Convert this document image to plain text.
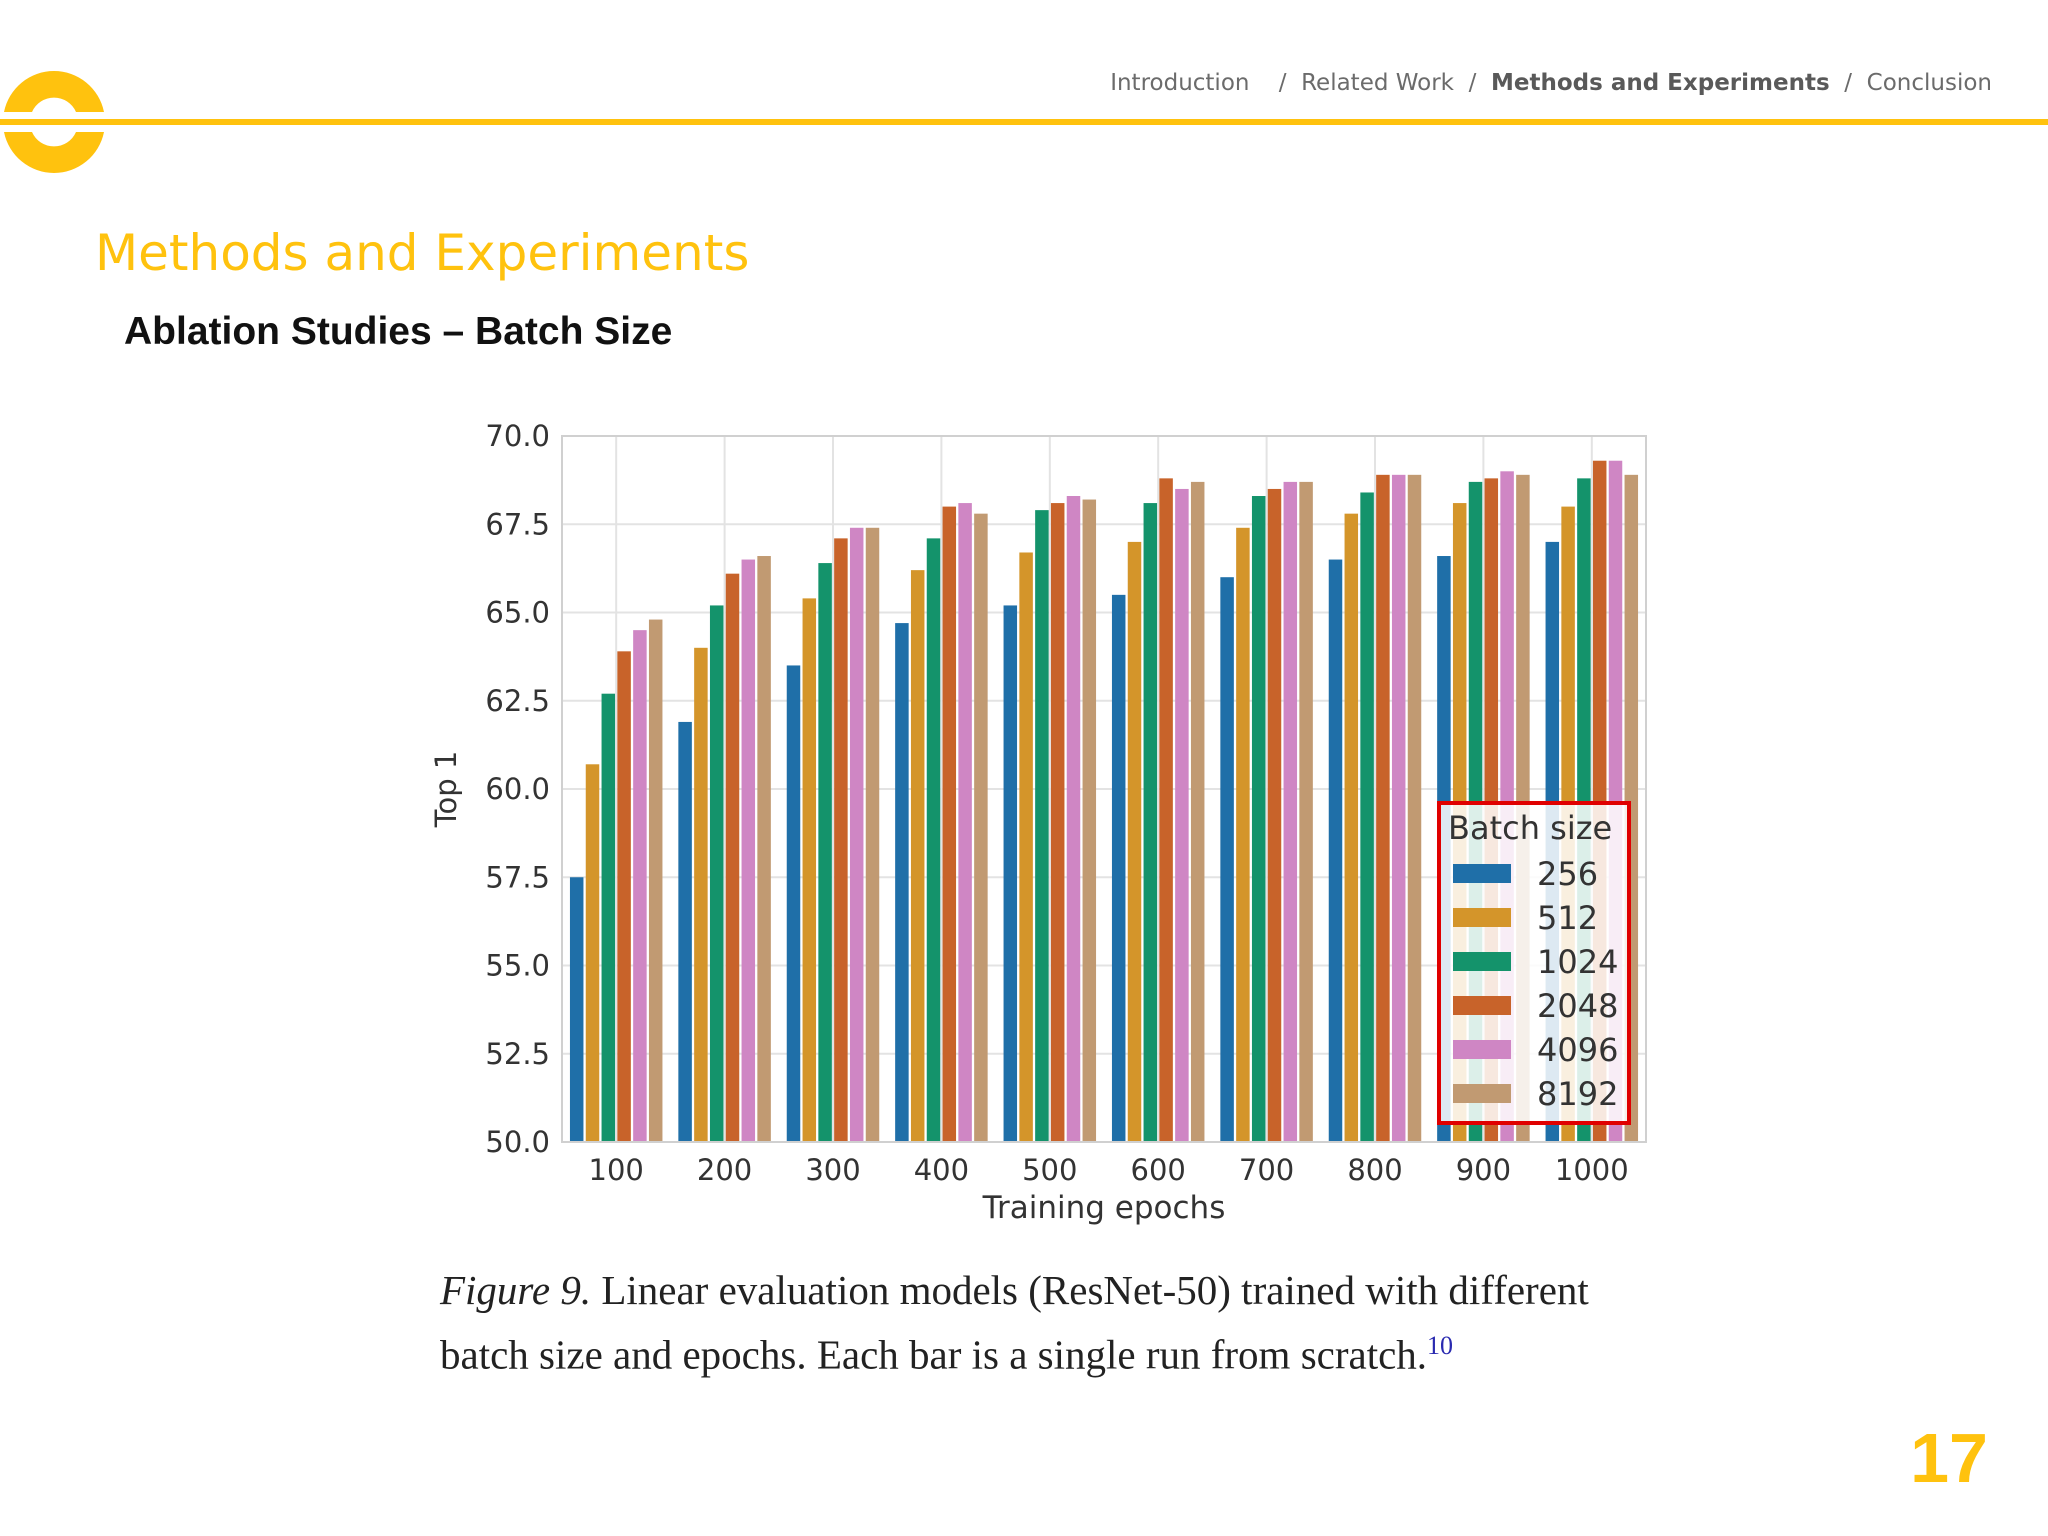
Introduction / Related Work / Methods and Experiments / Conclusion
Methods and Experiments
Ablation Studies – Batch Size
50.0
52.5
55.0
57.5
60.0
62.5
65.0
67.5
70.0
100 200 300 400 500 600 700 800 900 1000
Top 1
Training epochs
Batch size
256
512
1024
2048
4096
8192
Figure 9. Linear evaluation models (ResNet-50) trained with different batch size and epochs. Each bar is a single run from scratch.$^{10}$
17
